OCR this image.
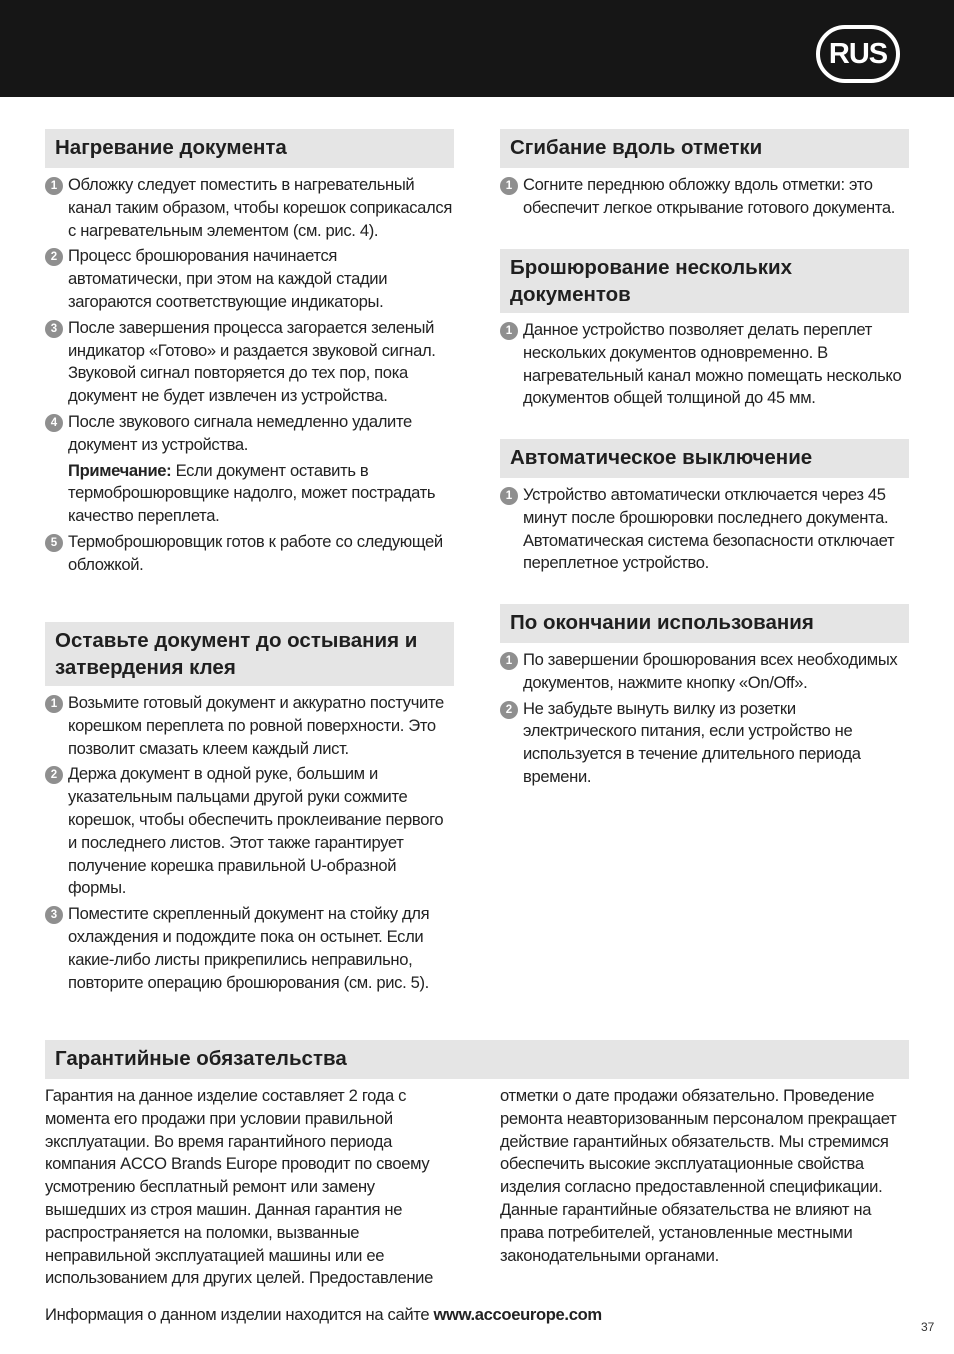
RUS
Нагревание документа
1 Обложку следует поместить в нагревательный канал таким образом, чтобы корешок соприкасался с нагревательным элементом (см. рис. 4).
2 Процесс брошюрования начинается автоматически, при этом на каждой стадии загораются соответствующие индикаторы.
3 После завершения процесса загорается зеленый индикатор «Готово» и раздается звуковой сигнал. Звуковой сигнал повторяется до тех пор, пока документ не будет извлечен из устройства.
4 После звукового сигнала немедленно удалите документ из устройства.
Примечание: Если документ оставить в термоброшюровщике надолго, может пострадать качество переплета.
5 Термоброшюровщик готов к работе со следующей обложкой.
Оставьте документ до остывания и затвердения клея
1 Возьмите готовый документ и аккуратно постучите корешком переплета по ровной поверхности. Это позволит смазать клеем каждый лист.
2 Держа документ в одной руке, большим и указательным пальцами другой руки сожмите корешок, чтобы обеспечить проклеивание первого и последнего листов. Этот также гарантирует получение корешка правильной U-образной формы.
3 Поместите скрепленный документ на стойку для охлаждения и подождите пока он остынет. Если какие-либо листы прикрепились неправильно, повторите операцию брошюрования (см. рис. 5).
Сгибание вдоль отметки
1 Согните переднюю обложку вдоль отметки: это обеспечит легкое открывание готового документа.
Брошюрование нескольких документов
1 Данное устройство позволяет делать переплет нескольких документов одновременно. В нагревательный канал можно помещать несколько документов общей толщиной до 45 мм.
Автоматическое выключение
1 Устройство автоматически отключается через 45 минут после брошюровки последнего документа. Автоматическая система безопасности отключает переплетное устройство.
По окончании использования
1 По завершении брошюрования всех необходимых документов, нажмите кнопку «On/Off».
2 Не забудьте вынуть вилку из розетки электрического питания, если устройство не используется в течение длительного периода времени.
Гарантийные обязательства
Гарантия на данное изделие составляет 2 года с момента его продажи при условии правильной эксплуатации. Во время гарантийного периода компания ACCO Brands Europe проводит по своему усмотрению бесплатный ремонт или замену вышедших из строя машин. Данная гарантия не распространяется на поломки, вызванные неправильной эксплуатацией машины или ее использованием для других целей. Предоставление
отметки о дате продажи обязательно. Проведение ремонта неавторизованным персоналом прекращает действие гарантийных обязательств. Мы стремимся обеспечить высокие эксплуатационные свойства изделия согласно предоставленной спецификации. Данные гарантийные обязательства не влияют на права потребителей, установленные местными законодательными органами.
Информация о данном изделии находится на сайте www.accoeurope.com
37
